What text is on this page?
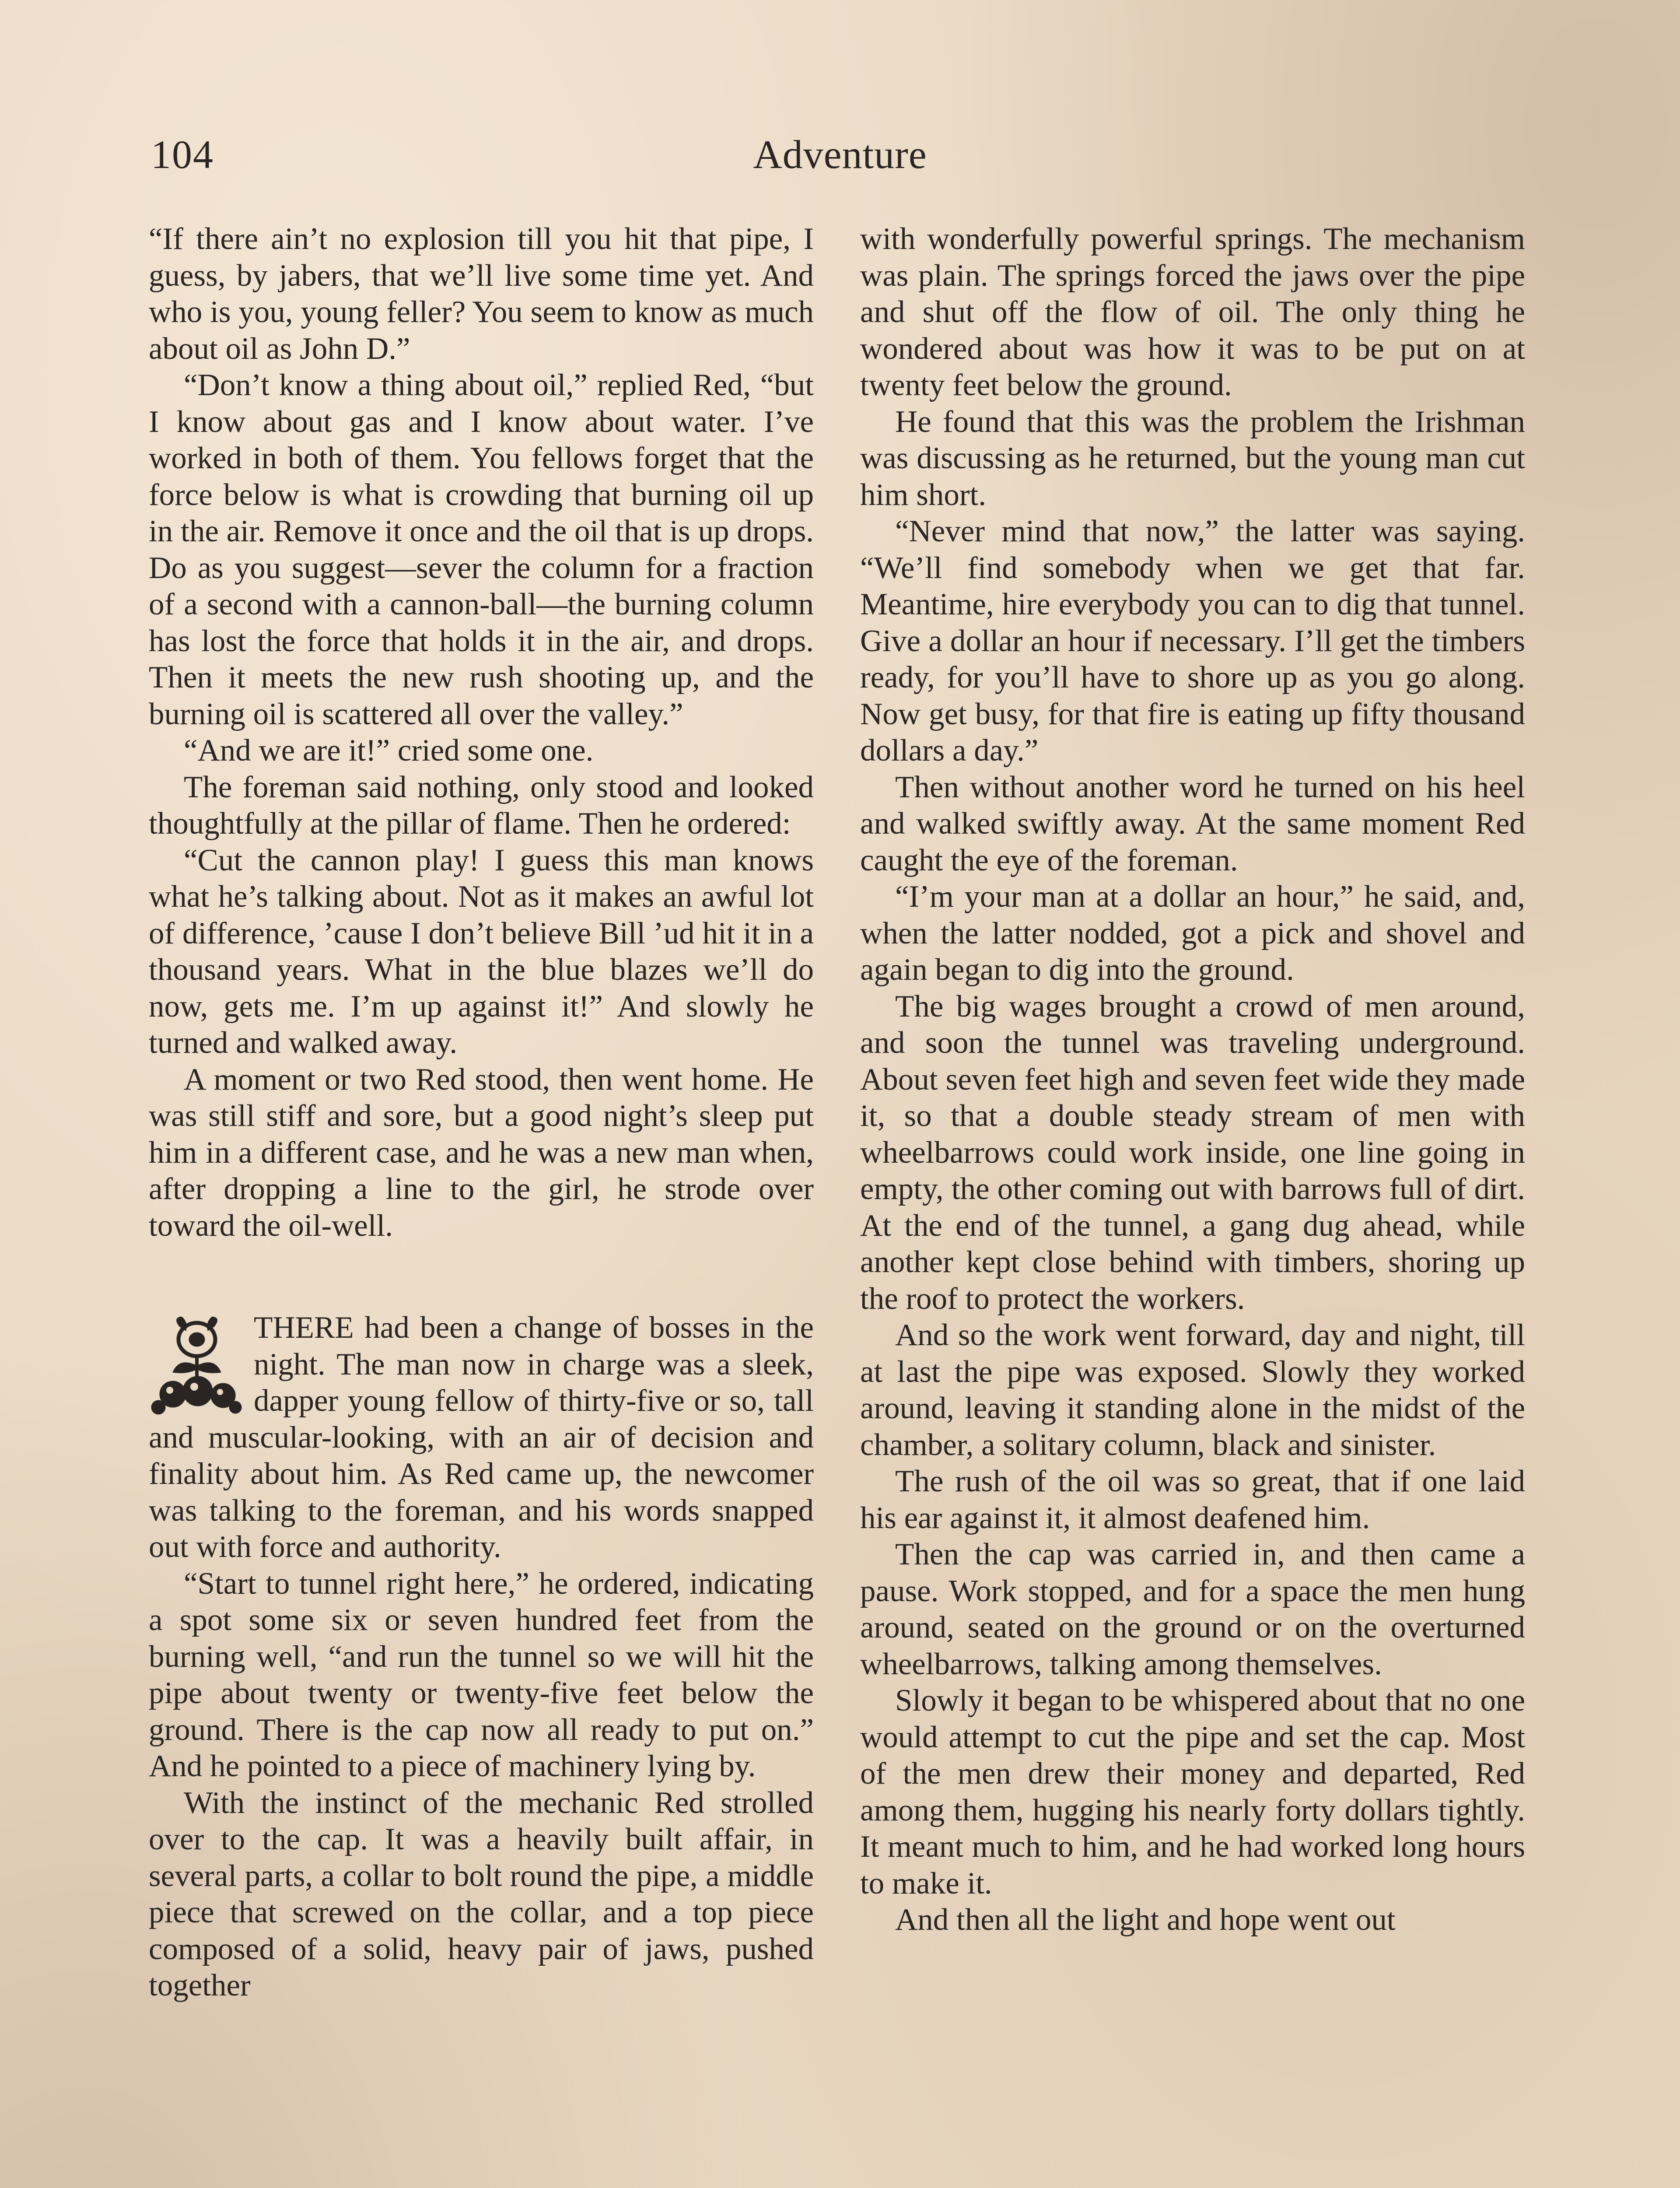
104	Adventure

“If there ain’t no explosion till you hit that pipe, I guess, by jabers, that we’ll live some time yet. And who is you, young feller? You seem to know as much about oil as John D.”

“Don’t know a thing about oil,” replied Red, “but I know about gas and I know about water. I’ve worked in both of them. You fellows forget that the force below is what is crowding that burning oil up in the air. Remove it once and the oil that is up drops. Do as you suggest—sever the column for a fraction of a second with a cannon-ball—the burning column has lost the force that holds it in the air, and drops. Then it meets the new rush shooting up, and the burning oil is scattered all over the valley.”

“And we are it!” cried some one.

The foreman said nothing, only stood and looked thoughtfully at the pillar of flame. Then he ordered:

“Cut the cannon play! I guess this man knows what he’s talking about. Not as it makes an awful lot of difference, ’cause I don’t believe Bill ’ud hit it in a thousand years. What in the blue blazes we’ll do now, gets me. I’m up against it!” And slowly he turned and walked away.

A moment or two Red stood, then went home. He was still stiff and sore, but a good night’s sleep put him in a different case, and he was a new man when, after dropping a line to the girl, he strode over toward the oil-well.

THERE had been a change of bosses in the night. The man now in charge was a sleek, dapper young fellow of thirty-five or so, tall and muscular-looking, with an air of decision and finality about him. As Red came up, the newcomer was talking to the foreman, and his words snapped out with force and authority.

“Start to tunnel right here,” he ordered, indicating a spot some six or seven hundred feet from the burning well, “and run the tunnel so we will hit the pipe about twenty or twenty-five feet below the ground. There is the cap now all ready to put on.” And he pointed to a piece of machinery lying by.

With the instinct of the mechanic Red strolled over to the cap. It was a heavily built affair, in several parts, a collar to bolt round the pipe, a middle piece that screwed on the collar, and a top piece composed of a solid, heavy pair of jaws, pushed together

with wonderfully powerful springs. The mechanism was plain. The springs forced the jaws over the pipe and shut off the flow of oil. The only thing he wondered about was how it was to be put on at twenty feet below the ground.

He found that this was the problem the Irishman was discussing as he returned, but the young man cut him short.

“Never mind that now,” the latter was saying. “We’ll find somebody when we get that far. Meantime, hire everybody you can to dig that tunnel. Give a dollar an hour if necessary. I’ll get the timbers ready, for you’ll have to shore up as you go along. Now get busy, for that fire is eating up fifty thousand dollars a day.”

Then without another word he turned on his heel and walked swiftly away. At the same moment Red caught the eye of the foreman.

“I’m your man at a dollar an hour,” he said, and, when the latter nodded, got a pick and shovel and again began to dig into the ground.

The big wages brought a crowd of men around, and soon the tunnel was traveling underground. About seven feet high and seven feet wide they made it, so that a double steady stream of men with wheelbarrows could work inside, one line going in empty, the other coming out with barrows full of dirt. At the end of the tunnel, a gang dug ahead, while another kept close behind with timbers, shoring up the roof to protect the workers.

And so the work went forward, day and night, till at last the pipe was exposed. Slowly they worked around, leaving it standing alone in the midst of the chamber, a solitary column, black and sinister.

The rush of the oil was so great, that if one laid his ear against it, it almost deafened him.

Then the cap was carried in, and then came a pause. Work stopped, and for a space the men hung around, seated on the ground or on the overturned wheelbarrows, talking among themselves.

Slowly it began to be whispered about that no one would attempt to cut the pipe and set the cap. Most of the men drew their money and departed, Red among them, hugging his nearly forty dollars tightly. It meant much to him, and he had worked long hours to make it.

And then all the light and hope went out
